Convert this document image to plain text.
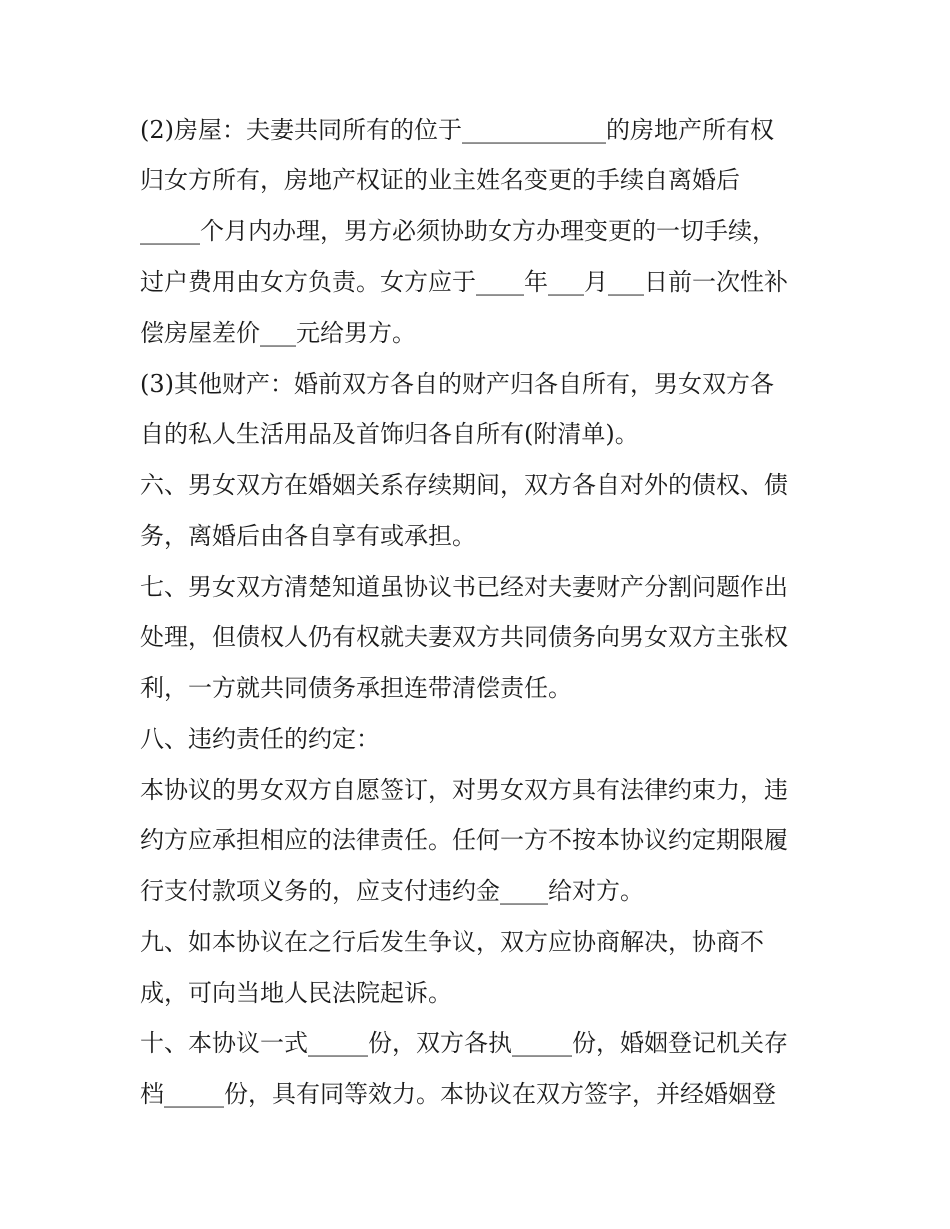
(2)房屋：夫妻共同所有的位于____________的房地产所有权
归女方所有，房地产权证的业主姓名变更的手续自离婚后
_____个月内办理，男方必须协助女方办理变更的一切手续，
过户费用由女方负责。女方应于____年___月___日前一次性补
偿房屋差价___元给男方。
(3)其他财产：婚前双方各自的财产归各自所有，男女双方各
自的私人生活用品及首饰归各自所有(附清单)。
六、男女双方在婚姻关系存续期间，双方各自对外的债权、债
务，离婚后由各自享有或承担。
七、男女双方清楚知道虽协议书已经对夫妻财产分割问题作出
处理，但债权人仍有权就夫妻双方共同债务向男女双方主张权
利，一方就共同债务承担连带清偿责任。
八、违约责任的约定：
本协议的男女双方自愿签订，对男女双方具有法律约束力，违
约方应承担相应的法律责任。任何一方不按本协议约定期限履
行支付款项义务的，应支付违约金____给对方。
九、如本协议在之行后发生争议，双方应协商解决，协商不
成，可向当地人民法院起诉。
十、本协议一式_____份，双方各执_____份，婚姻登记机关存
档_____份，具有同等效力。本协议在双方签字，并经婚姻登
